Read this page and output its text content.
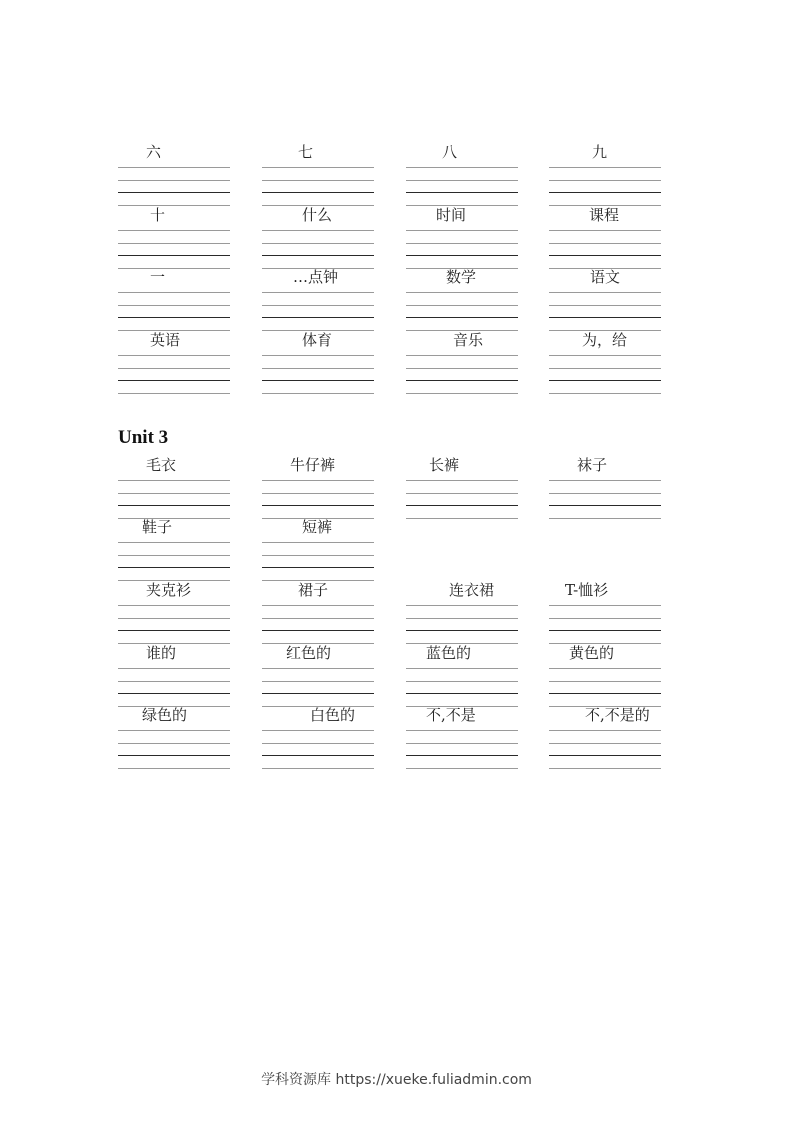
六	七	八	九
十	什么	时间	课程
一	…点钟	数学	语文
英语	体育	音乐	为，给
Unit 3
毛衣	牛仔裤	长裤	袜子
鞋子	短裤
夹克衫	裙子	连衣裙	T-恤衫
谁的	红色的	蓝色的	黄色的
绿色的	白色的	不,不是	不,不是的
学科资源库 https://xueke.fuliadmin.com
